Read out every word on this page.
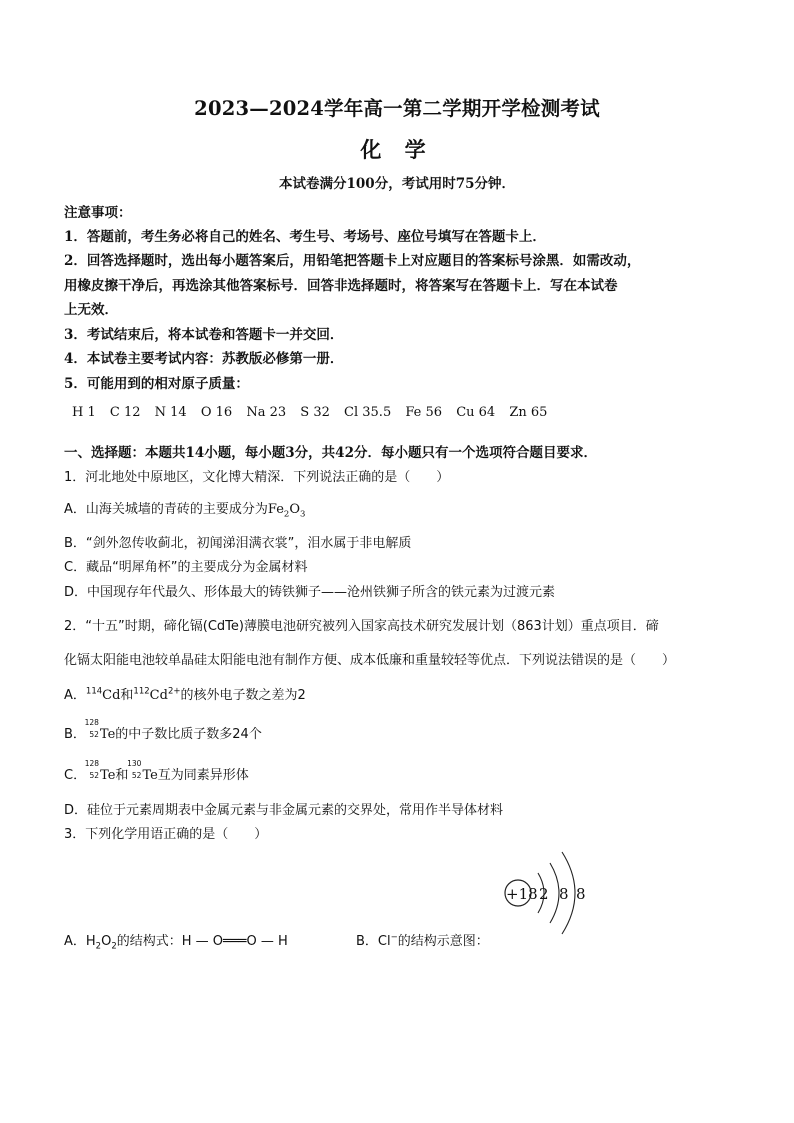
2023—2024学年高一第二学期开学检测考试
化 学
本试卷满分100分，考试用时75分钟．
注意事项：
1．答题前，考生务必将自己的姓名、考生号、考场号、座位号填写在答题卡上．
2．回答选择题时，选出每小题答案后，用铅笔把答题卡上对应题目的答案标号涂黑．如需改动，
用橡皮擦干净后，再选涂其他答案标号．回答非选择题时，将答案写在答题卡上．写在本试卷
上无效．
3．考试结束后，将本试卷和答题卡一并交回．
4．本试卷主要考试内容：苏教版必修第一册．
5．可能用到的相对原子质量：
H 1 C 12 N 14 O 16 Na 23 S 32 Cl 35.5 Fe 56 Cu 64 Zn 65
一、选择题：本题共14小题，每小题3分，共42分．每小题只有一个选项符合题目要求．
1．河北地处中原地区，文化博大精深．下列说法正确的是（　　）
A．山海关城墙的青砖的主要成分为$Fe_2O_3$
B．“剑外忽传收蓟北，初闻涕泪满衣裳”，泪水属于非电解质
C．藏品“明犀角杯”的主要成分为金属材料
D．中国现存年代最久、形体最大的铸铁狮子——沧州铁狮子所含的铁元素为过渡元素
2．“十五”时期，碲化镉(CdTe)薄膜电池研究被列入国家高技术研究发展计划（863计划）重点项目．碲
化镉太阳能电池较单晶硅太阳能电池有制作方便、成本低廉和重量较轻等优点．下列说法错误的是（　　）
A．$^{114}$Cd和$^{112}Cd^{2+}$的核外电子数之差为2
B．
128
52 Te的中子数比质子数多24个
C．
128
52 Te和
130
52 Te互为同素异形体
D．硅位于元素周期表中金属元素与非金属元素的交界处，常用作半导体材料
3．下列化学用语正确的是（　　）
+18 2 8 8
A．$H_2O_2$的结构式：H — O═══O — H	B．Cl−的结构示意图：
